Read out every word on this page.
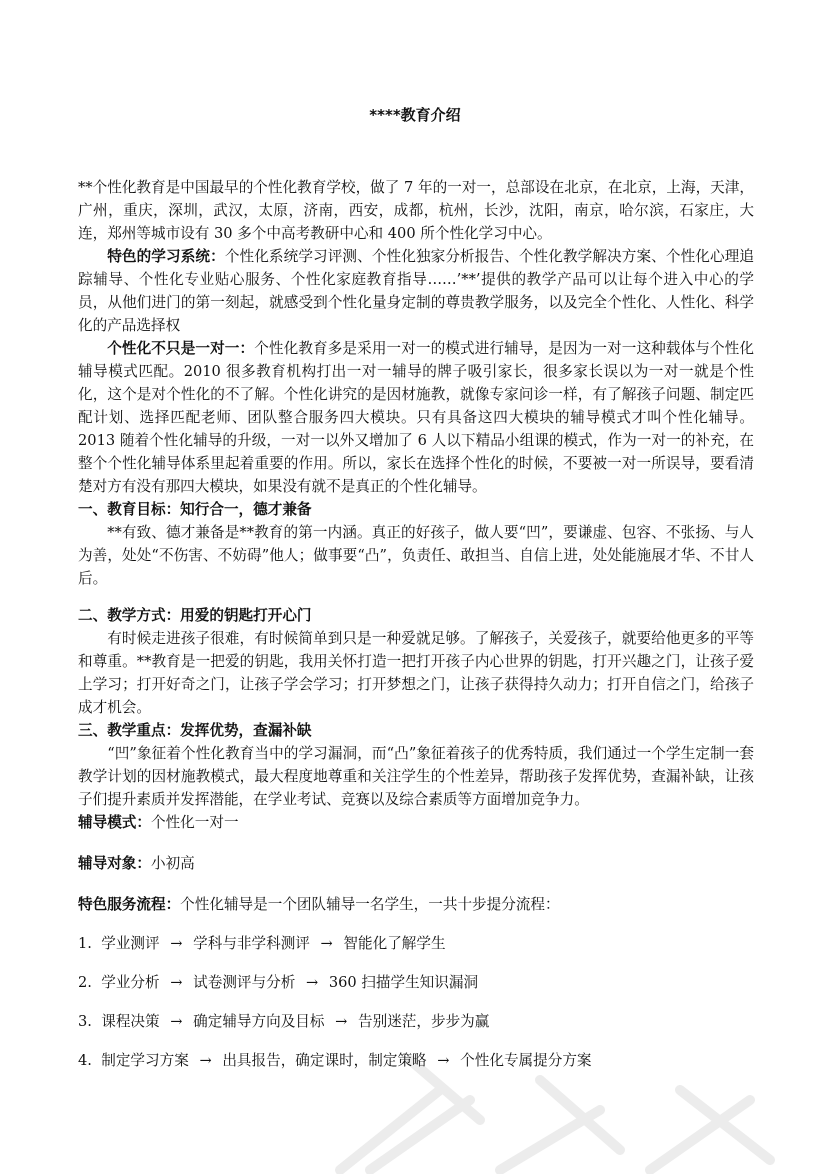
****教育介绍

**个性化教育是中国最早的个性化教育学校，做了 7 年的一对一，总部设在北京，在北京，上海，天津，广州，重庆，深圳，武汉，太原，济南，西安，成都，杭州，长沙，沈阳，南京，哈尔滨，石家庄，大连，郑州等城市设有 30 多个中高考教研中心和 400 所个性化学习中心。

特色的学习系统：个性化系统学习评测、个性化独家分析报告、个性化教学解决方案、个性化心理追踪辅导、个性化专业贴心服务、个性化家庭教育指导……’**’提供的教学产品可以让每个进入中心的学员，从他们进门的第一刻起，就感受到个性化量身定制的尊贵教学服务，以及完全个性化、人性化、科学化的产品选择权

个性化不只是一对一：个性化教育多是采用一对一的模式进行辅导，是因为一对一这种载体与个性化辅导模式匹配。2010 很多教育机构打出一对一辅导的牌子吸引家长，很多家长误以为一对一就是个性化，这个是对个性化的不了解。个性化讲究的是因材施教，就像专家问诊一样，有了解孩子问题、制定匹配计划、选择匹配老师、团队整合服务四大模块。只有具备这四大模块的辅导模式才叫个性化辅导。2013 随着个性化辅导的升级，一对一以外又增加了 6 人以下精品小组课的模式，作为一对一的补充，在整个个性化辅导体系里起着重要的作用。所以，家长在选择个性化的时候，不要被一对一所误导，要看清楚对方有没有那四大模块，如果没有就不是真正的个性化辅导。

一、教育目标：知行合一，德才兼备

**有致、德才兼备是**教育的第一内涵。真正的好孩子，做人要“凹”，要谦虚、包容、不张扬、与人为善，处处“不伤害、不妨碍”他人；做事要“凸”，负责任、敢担当、自信上进，处处能施展才华、不甘人后。

二、教学方式：用爱的钥匙打开心门

有时候走进孩子很难，有时候简单到只是一种爱就足够。了解孩子，关爱孩子，就要给他更多的平等和尊重。**教育是一把爱的钥匙，我用关怀打造一把打开孩子内心世界的钥匙，打开兴趣之门，让孩子爱上学习；打开好奇之门，让孩子学会学习；打开梦想之门，让孩子获得持久动力；打开自信之门，给孩子成才机会。

三、教学重点：发挥优势，查漏补缺

“凹”象征着个性化教育当中的学习漏洞，而“凸”象征着孩子的优秀特质，我们通过一个学生定制一套教学计划的因材施教模式，最大程度地尊重和关注学生的个性差异，帮助孩子发挥优势，查漏补缺，让孩子们提升素质并发挥潜能，在学业考试、竞赛以及综合素质等方面增加竞争力。

辅导模式：个性化一对一

辅导对象：小初高

特色服务流程：个性化辅导是一个团队辅导一名学生，一共十步提分流程：

1. 学业测评 → 学科与非学科测评 → 智能化了解学生

2. 学业分析 → 试卷测评与分析 → 360 扫描学生知识漏洞

3. 课程决策 → 确定辅导方向及目标 → 告别迷茫，步步为赢

4. 制定学习方案 → 出具报告，确定课时，制定策略 → 个性化专属提分方案
